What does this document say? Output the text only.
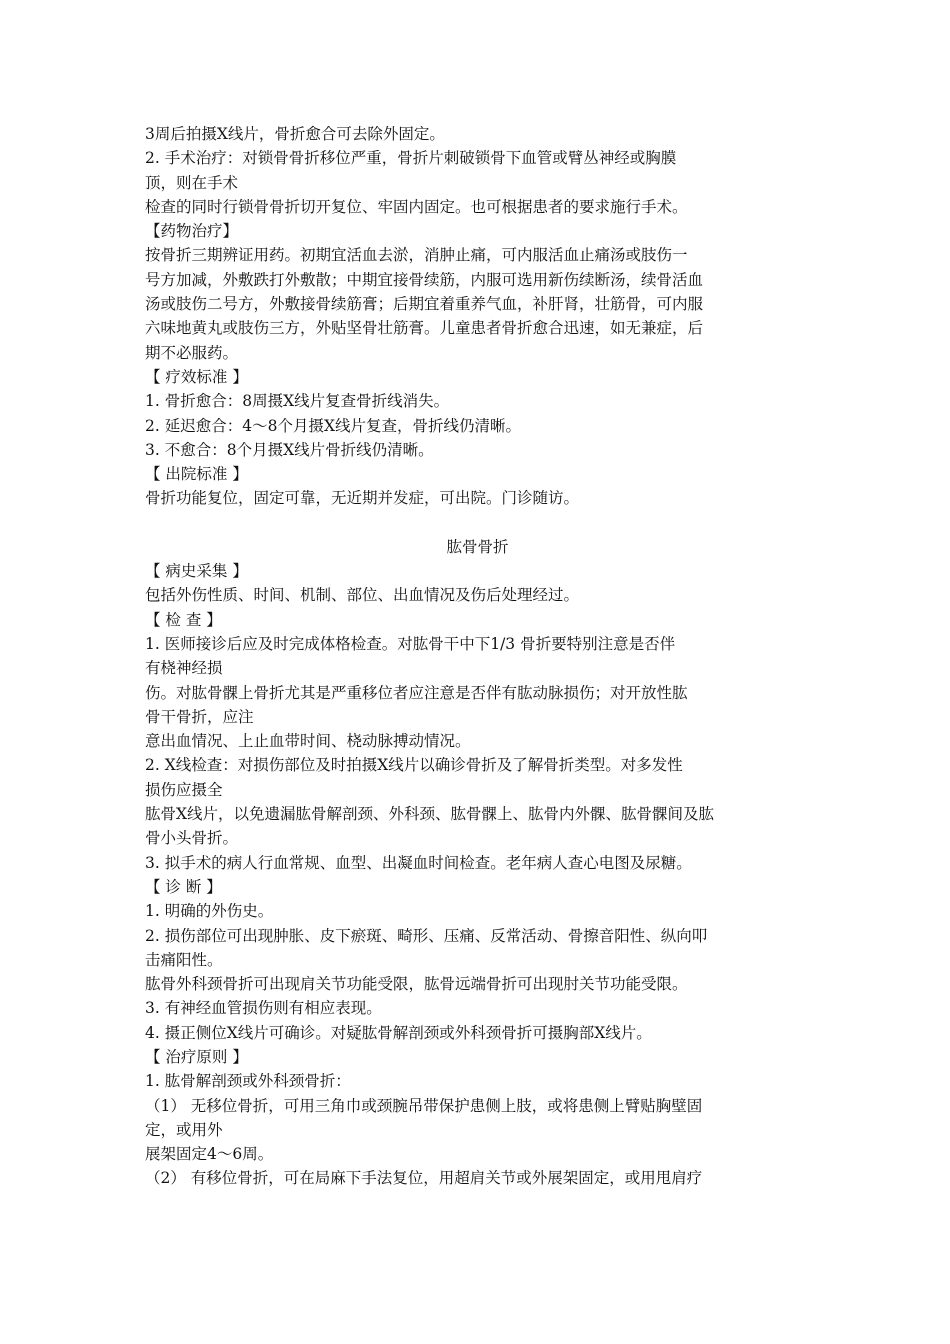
3周后拍摄X线片，骨折愈合可去除外固定。
2. 手术治疗：对锁骨骨折移位严重，骨折片刺破锁骨下血管或臂丛神经或胸膜
顶，则在手术
检查的同时行锁骨骨折切开复位、牢固内固定。也可根据患者的要求施行手术。
【药物治疗】
按骨折三期辨证用药。初期宜活血去淤，消肿止痛，可内服活血止痛汤或肢伤一
号方加减，外敷跌打外敷散；中期宜接骨续筋，内服可选用新伤续断汤，续骨活血
汤或肢伤二号方，外敷接骨续筋膏；后期宜着重养气血，补肝肾，壮筋骨，可内服
六味地黄丸或肢伤三方，外贴坚骨壮筋膏。儿童患者骨折愈合迅速，如无兼症，后
期不必服药。
【 疗效标准 】
1. 骨折愈合：8周摄X线片复查骨折线消失。
2. 延迟愈合：4～8个月摄X线片复查，骨折线仍清晰。
3. 不愈合：8个月摄X线片骨折线仍清晰。
【 出院标准 】
骨折功能复位，固定可靠，无近期并发症，可出院。门诊随访。
肱骨骨折
【 病史采集 】
包括外伤性质、时间、机制、部位、出血情况及伤后处理经过。
【 检 查 】
1. 医师接诊后应及时完成体格检查。对肱骨干中下1/3 骨折要特别注意是否伴
有桡神经损
伤。对肱骨髁上骨折尤其是严重移位者应注意是否伴有肱动脉损伤；对开放性肱
骨干骨折，应注
意出血情况、上止血带时间、桡动脉搏动情况。
2. X线检查：对损伤部位及时拍摄X线片以确诊骨折及了解骨折类型。对多发性
损伤应摄全
肱骨X线片，以免遗漏肱骨解剖颈、外科颈、肱骨髁上、肱骨内外髁、肱骨髁间及肱
骨小头骨折。
3. 拟手术的病人行血常规、血型、出凝血时间检查。老年病人查心电图及尿糖。
【 诊 断 】
1. 明确的外伤史。
2. 损伤部位可出现肿胀、皮下瘀斑、畸形、压痛、反常活动、骨擦音阳性、纵向叩
击痛阳性。
肱骨外科颈骨折可出现肩关节功能受限，肱骨远端骨折可出现肘关节功能受限。
3. 有神经血管损伤则有相应表现。
4. 摄正侧位X线片可确诊。对疑肱骨解剖颈或外科颈骨折可摄胸部X线片。
【 治疗原则 】
1. 肱骨解剖颈或外科颈骨折：
（1） 无移位骨折，可用三角巾或颈腕吊带保护患侧上肢，或将患侧上臂贴胸壁固
定，或用外
展架固定4～6周。
（2） 有移位骨折，可在局麻下手法复位，用超肩关节或外展架固定，或用甩肩疗
